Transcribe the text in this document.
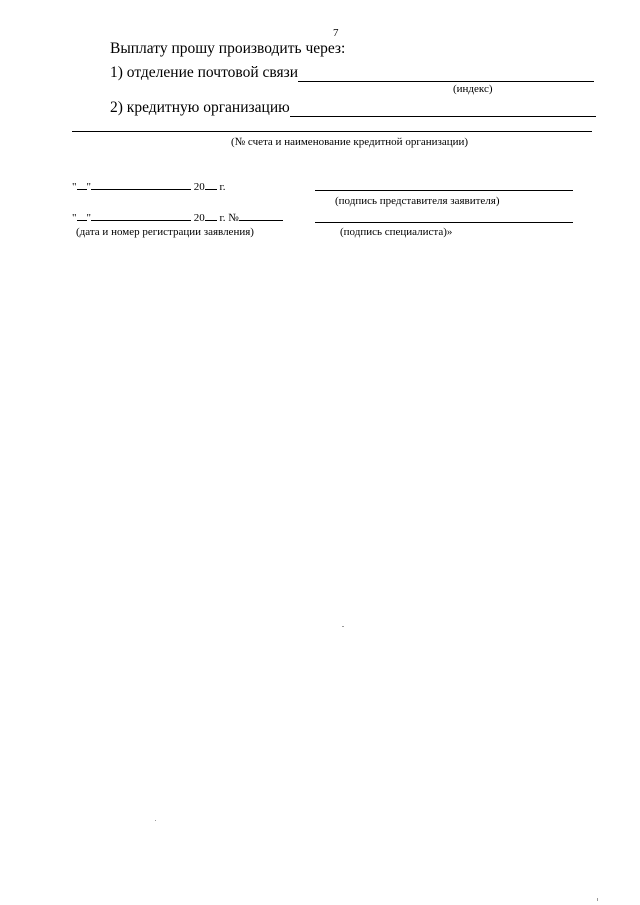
7
Выплату прошу производить через:
1) отделение почтовой связи
(индекс)
2) кредитную организацию
(№ счета и наименование кредитной организации)
" "	20 г.
(подпись представителя заявителя)
" "	20 г. №
(дата и номер регистрации заявления)	(подпись специалиста)»
